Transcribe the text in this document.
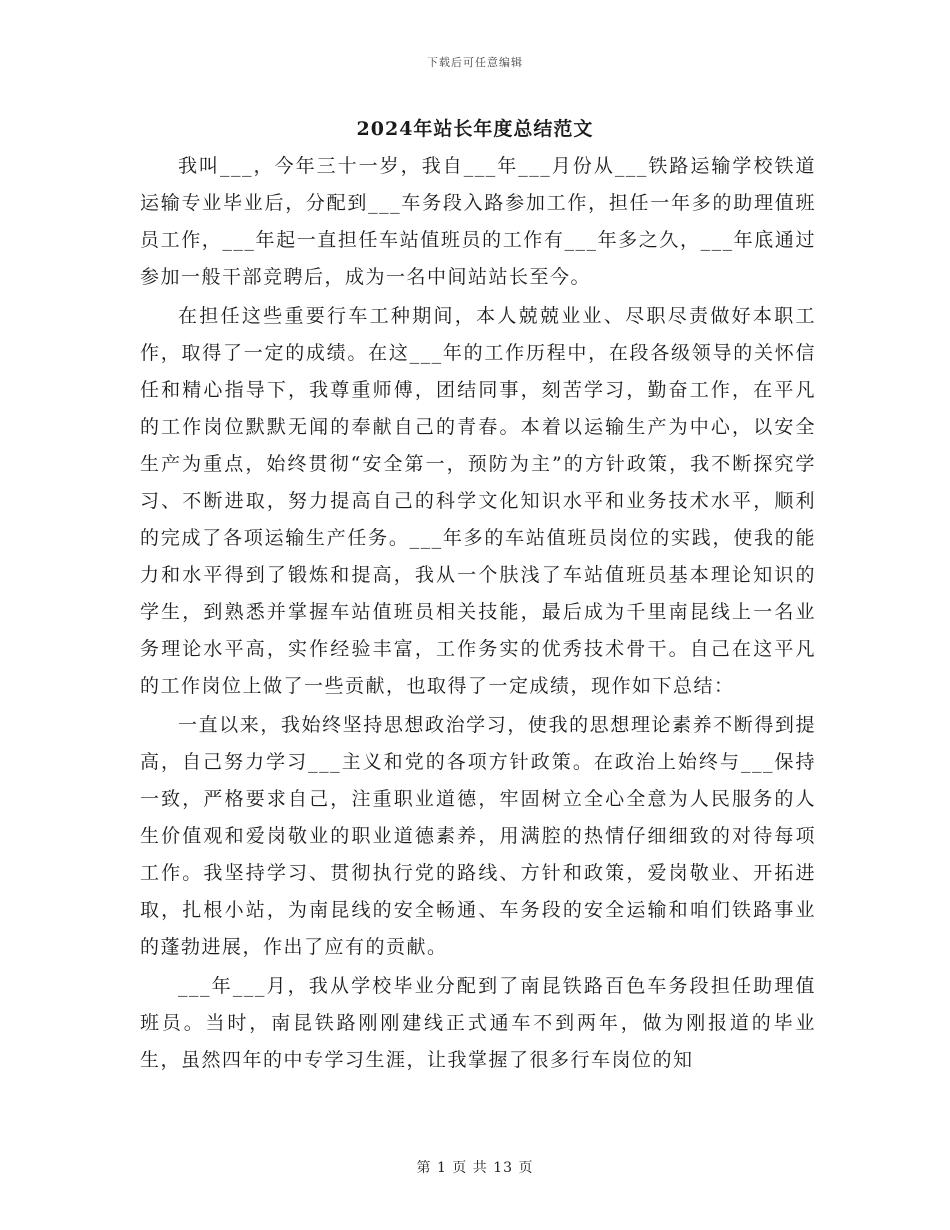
下载后可任意编辑
2024年站长年度总结范文

我叫___，今年三十一岁，我自___年___月份从___铁路运输学校铁道运输专业毕业后，分配到___车务段入路参加工作，担任一年多的助理值班员工作，___年起一直担任车站值班员的工作有___年多之久，___年底通过参加一般干部竞聘后，成为一名中间站站长至今。

在担任这些重要行车工种期间，本人兢兢业业、尽职尽责做好本职工作，取得了一定的成绩。在这___年的工作历程中，在段各级领导的关怀信任和精心指导下，我尊重师傅，团结同事，刻苦学习，勤奋工作，在平凡的工作岗位默默无闻的奉献自己的青春。本着以运输生产为中心，以安全生产为重点，始终贯彻“安全第一，预防为主”的方针政策，我不断探究学习、不断进取，努力提高自己的科学文化知识水平和业务技术水平，顺利的完成了各项运输生产任务。___年多的车站值班员岗位的实践，使我的能力和水平得到了锻炼和提高，我从一个肤浅了车站值班员基本理论知识的学生，到熟悉并掌握车站值班员相关技能，最后成为千里南昆线上一名业务理论水平高，实作经验丰富，工作务实的优秀技术骨干。自己在这平凡的工作岗位上做了一些贡献，也取得了一定成绩，现作如下总结：

一直以来，我始终坚持思想政治学习，使我的思想理论素养不断得到提高，自己努力学习___主义和党的各项方针政策。在政治上始终与___保持一致，严格要求自己，注重职业道德，牢固树立全心全意为人民服务的人生价值观和爱岗敬业的职业道德素养，用满腔的热情仔细细致的对待每项工作。我坚持学习、贯彻执行党的路线、方针和政策，爱岗敬业、开拓进取，扎根小站，为南昆线的安全畅通、车务段的安全运输和咱们铁路事业的蓬勃进展，作出了应有的贡献。

___年___月，我从学校毕业分配到了南昆铁路百色车务段担任助理值班员。当时，南昆铁路刚刚建线正式通车不到两年，做为刚报道的毕业生，虽然四年的中专学习生涯，让我掌握了很多行车岗位的知

第 1 页 共 13 页
